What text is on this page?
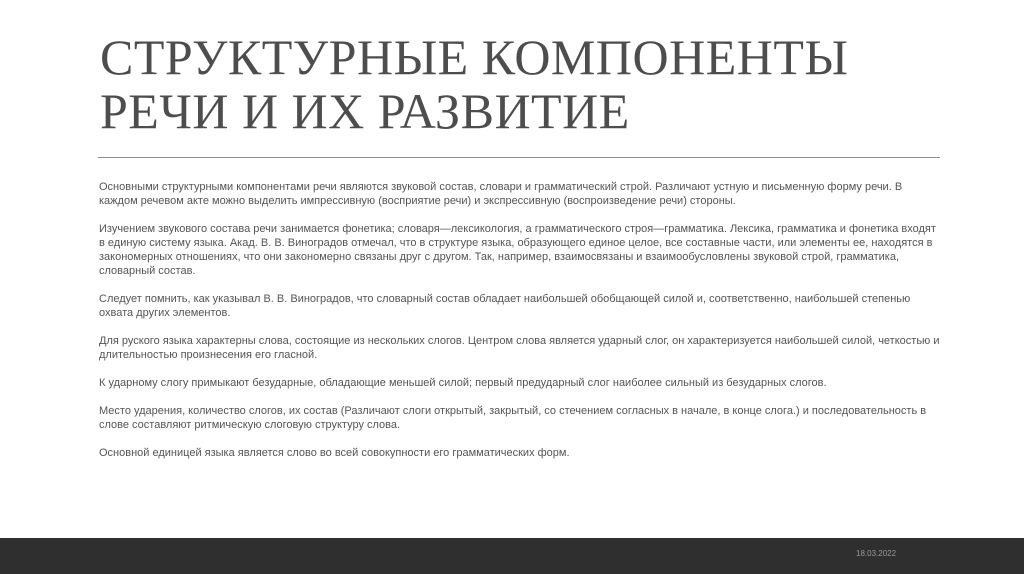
СТРУКТУРНЫЕ КОМПОНЕНТЫ
РЕЧИ И ИХ РАЗВИТИЕ

Основными структурными компонентами речи являются звуковой состав, словари и грамматический строй. Различают устную и письменную форму речи. В каждом речевом акте можно выделить импрессивную (восприятие речи) и экспрессивную (воспроизведение речи) стороны.

Изучением звукового состава речи занимается фонетика; словаря—лексикология, а грамматического строя—грамматика. Лексика, грамматика и фонетика входят в единую систему языка. Акад. В. В. Виноградов отмечал, что в структуре языка, образующего единое целое, все составные части, или элементы ее, находятся в закономерных отношениях, что они закономерно связаны друг с другом. Так, например, взаимосвязаны и взаимообусловлены звуковой строй, грамматика, словарный состав.

Следует помнить, как указывал В. В. Виноградов, что словарный состав обладает наибольшей обобщающей силой и, соответственно, наибольшей степенью охвата других элементов.

Для руского языка характерны слова, состоящие из нескольких слогов. Центром слова является ударный слог, он характеризуется наибольшей силой, четкостью и длительностью произнесения его гласной.

К ударному слогу примыкают безударные, обладающие меньшей силой; первый предударный слог наиболее сильный из безударных слогов.

Место ударения, количество слогов, их состав (Различают слоги открытый, закрытый, со стечением согласных в начале, в конце слога.) и последовательность в слове составляют ритмическую слоговую структуру слова.

Основной единицей языка является слово во всей совокупности его грамматических форм.

18.03.2022
